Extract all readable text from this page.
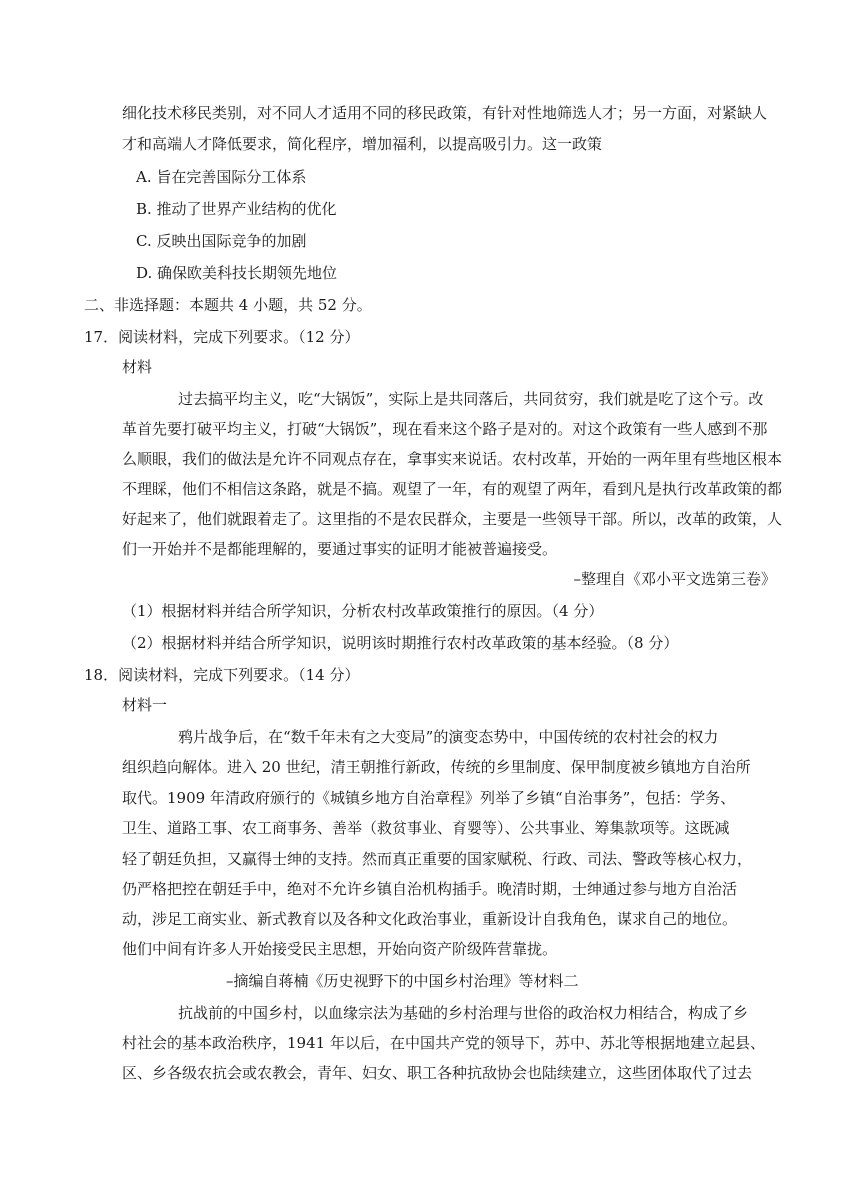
细化技术移民类别，对不同人才适用不同的移民政策，有针对性地筛选人才；另一方面，对紧缺人
才和高端人才降低要求，简化程序，增加福利，以提高吸引力。这一政策
A. 旨在完善国际分工体系
B. 推动了世界产业结构的优化
C. 反映出国际竞争的加剧
D. 确保欧美科技长期领先地位
二、非选择题：本题共 4 小题，共 52 分。
17．阅读材料，完成下列要求。（12 分）
材料
过去搞平均主义，吃“大锅饭”，实际上是共同落后，共同贫穷，我们就是吃了这个亏。改
革首先要打破平均主义，打破“大锅饭”，现在看来这个路子是对的。对这个政策有一些人感到不那
么顺眼，我们的做法是允许不同观点存在，拿事实来说话。农村改革，开始的一两年里有些地区根本
不理睬，他们不相信这条路，就是不搞。观望了一年，有的观望了两年，看到凡是执行改革政策的都
好起来了，他们就跟着走了。这里指的不是农民群众，主要是一些领导干部。所以，改革的政策，人
们一开始并不是都能理解的，要通过事实的证明才能被普遍接受。
–整理自《邓小平文选第三卷》
（1）根据材料并结合所学知识，分析农村改革政策推行的原因。（4 分）
（2）根据材料并结合所学知识，说明该时期推行农村改革政策的基本经验。（8 分）
18．阅读材料，完成下列要求。（14 分）
材料一
鸦片战争后，在“数千年未有之大变局”的演变态势中，中国传统的农村社会的权力
组织趋向解体。进入 20 世纪，清王朝推行新政，传统的乡里制度、保甲制度被乡镇地方自治所
取代。1909 年清政府颁行的《城镇乡地方自治章程》列举了乡镇“自治事务”，包括：学务、
卫生、道路工事、农工商事务、善举（救贫事业、育婴等）、公共事业、筹集款项等。这既减
轻了朝廷负担，又赢得士绅的支持。然而真正重要的国家赋税、行政、司法、警政等核心权力，
仍严格把控在朝廷手中，绝对不允许乡镇自治机构插手。晚清时期，士绅通过参与地方自治活
动，涉足工商实业、新式教育以及各种文化政治事业，重新设计自我角色，谋求自己的地位。
他们中间有许多人开始接受民主思想，开始向资产阶级阵营靠拢。
–摘编自蒋楠《历史视野下的中国乡村治理》等材料二
抗战前的中国乡村，以血缘宗法为基础的乡村治理与世俗的政治权力相结合，构成了乡
村社会的基本政治秩序，1941 年以后，在中国共产党的领导下，苏中、苏北等根据地建立起县、
区、乡各级农抗会或农教会，青年、妇女、职工各种抗敌协会也陆续建立，这些团体取代了过去
